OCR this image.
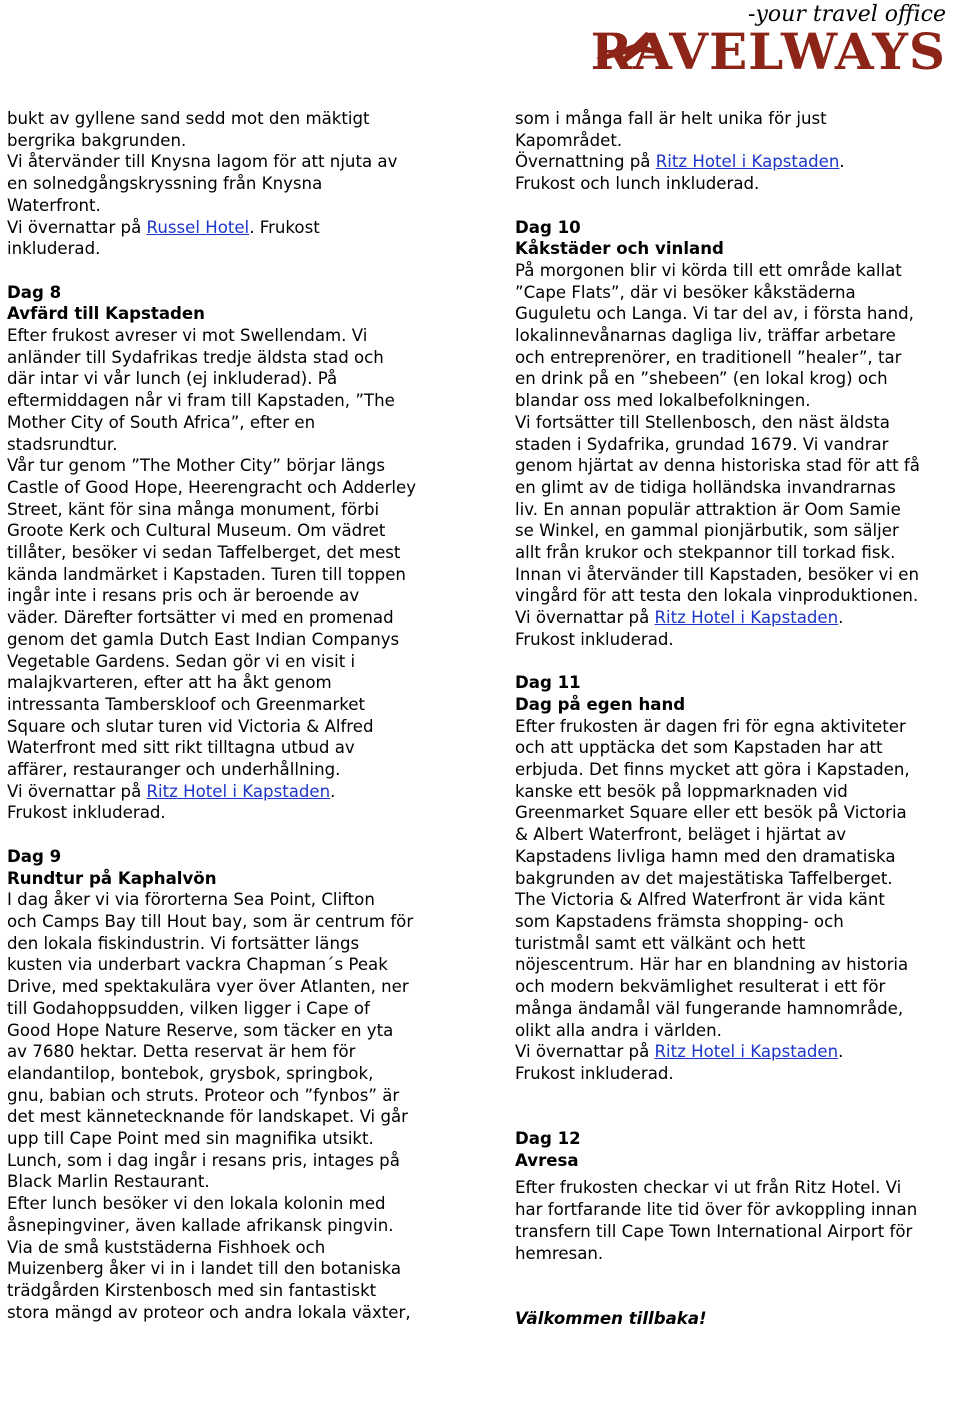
-your travel office
RAVELWAYS

bukt av gyllene sand sedd mot den mäktigt

bergrika bakgrunden.

Vi återvänder till Knysna lagom för att njuta av

en solnedgångskryssning från Knysna

Waterfront.

Vi övernattar på Russel Hotel. Frukost

inkluderad.

Dag 8

Avfärd till Kapstaden

Efter frukost avreser vi mot Swellendam. Vi

anländer till Sydafrikas tredje äldsta stad och

där intar vi vår lunch (ej inkluderad). På

eftermiddagen når vi fram till Kapstaden, ”The

Mother City of South Africa”, efter en

stadsrundtur.

Vår tur genom ”The Mother City” börjar längs

Castle of Good Hope, Heerengracht och Adderley

Street, känt för sina många monument, förbi

Groote Kerk och Cultural Museum. Om vädret

tillåter, besöker vi sedan Taffelberget, det mest

kända landmärket i Kapstaden. Turen till toppen

ingår inte i resans pris och är beroende av

väder. Därefter fortsätter vi med en promenad

genom det gamla Dutch East Indian Companys

Vegetable Gardens. Sedan gör vi en visit i

malajkvarteren, efter att ha åkt genom

intressanta Tamberskloof och Greenmarket

Square och slutar turen vid Victoria & Alfred

Waterfront med sitt rikt tilltagna utbud av

affärer, restauranger och underhållning.

Vi övernattar på Ritz Hotel i Kapstaden.

Frukost inkluderad.

Dag 9

Rundtur på Kaphalvön

I dag åker vi via förorterna Sea Point, Clifton

och Camps Bay till Hout bay, som är centrum för

den lokala fiskindustrin. Vi fortsätter längs

kusten via underbart vackra Chapman´s Peak

Drive, med spektakulära vyer över Atlanten, ner

till Godahoppsudden, vilken ligger i Cape of

Good Hope Nature Reserve, som täcker en yta

av 7680 hektar. Detta reservat är hem för

elandantilop, bontebok, grysbok, springbok,

gnu, babian och struts. Proteor och ”fynbos” är

det mest kännetecknande för landskapet. Vi går

upp till Cape Point med sin magnifika utsikt.

Lunch, som i dag ingår i resans pris, intages på

Black Marlin Restaurant.

Efter lunch besöker vi den lokala kolonin med

åsnepingviner, även kallade afrikansk pingvin.

Via de små kuststäderna Fishhoek och

Muizenberg åker vi in i landet till den botaniska

trädgården Kirstenbosch med sin fantastiskt

stora mängd av proteor och andra lokala växter,

som i många fall är helt unika för just

Kapområdet.

Övernattning på Ritz Hotel i Kapstaden.

Frukost och lunch inkluderad.

Dag 10

Kåkstäder och vinland

På morgonen blir vi körda till ett område kallat

”Cape Flats”, där vi besöker kåkstäderna

Guguletu och Langa. Vi tar del av, i första hand,

lokalinnevånarnas dagliga liv, träffar arbetare

och entreprenörer, en traditionell ”healer”, tar

en drink på en ”shebeen” (en lokal krog) och

blandar oss med lokalbefolkningen.

Vi fortsätter till Stellenbosch, den näst äldsta

staden i Sydafrika, grundad 1679. Vi vandrar

genom hjärtat av denna historiska stad för att få

en glimt av de tidiga holländska invandrarnas

liv. En annan populär attraktion är Oom Samie

se Winkel, en gammal pionjärbutik, som säljer

allt från krukor och stekpannor till torkad fisk.

Innan vi återvänder till Kapstaden, besöker vi en

vingård för att testa den lokala vinproduktionen.

Vi övernattar på Ritz Hotel i Kapstaden.

Frukost inkluderad.

Dag 11

Dag på egen hand

Efter frukosten är dagen fri för egna aktiviteter

och att upptäcka det som Kapstaden har att

erbjuda. Det finns mycket att göra i Kapstaden,

kanske ett besök på loppmarknaden vid

Greenmarket Square eller ett besök på Victoria

& Albert Waterfront, beläget i hjärtat av

Kapstadens livliga hamn med den dramatiska

bakgrunden av det majestätiska Taffelberget.

The Victoria & Alfred Waterfront är vida känt

som Kapstadens främsta shopping- och

turistmål samt ett välkänt och hett

nöjescentrum. Här har en blandning av historia

och modern bekvämlighet resulterat i ett för

många ändamål väl fungerande hamnområde,

olikt alla andra i världen.

Vi övernattar på Ritz Hotel i Kapstaden.

Frukost inkluderad.

Dag 12

Avresa

Efter frukosten checkar vi ut från Ritz Hotel. Vi

har fortfarande lite tid över för avkoppling innan

transfern till Cape Town International Airport för

hemresan.

Välkommen tillbaka!
